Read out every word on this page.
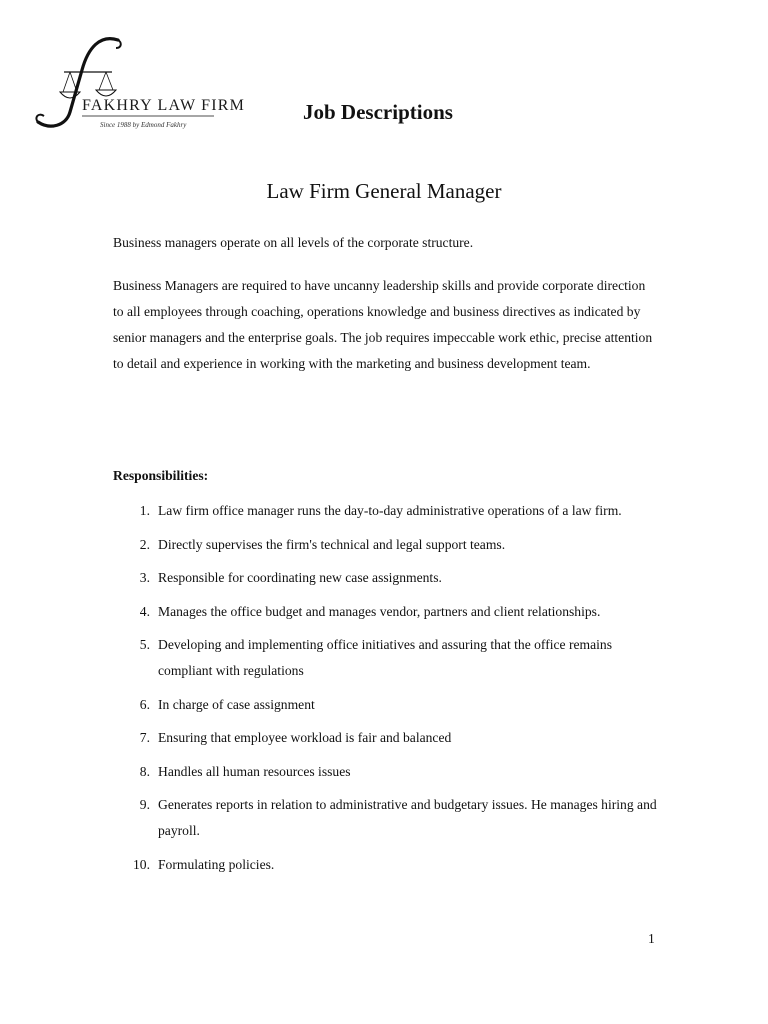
FAKHRY LAW FIRM
Since 1988 by Edmond Fakhry
Job Descriptions
Law Firm General Manager

Business managers operate on all levels of the corporate structure.

Business Managers are required to have uncanny leadership skills and provide corporate direction to all employees through coaching, operations knowledge and business directives as indicated by senior managers and the enterprise goals. The job requires impeccable work ethic, precise attention to detail and experience in working with the marketing and business development team.

Responsibilities:
1. Law firm office manager runs the day-to-day administrative operations of a law firm.
2. Directly supervises the firm's technical and legal support teams.
3. Responsible for coordinating new case assignments.
4. Manages the office budget and manages vendor, partners and client relationships.
5. Developing and implementing office initiatives and assuring that the office remains compliant with regulations
6. In charge of case assignment
7. Ensuring that employee workload is fair and balanced
8. Handles all human resources issues
9. Generates reports in relation to administrative and budgetary issues. He manages hiring and payroll.
10. Formulating policies.
1
